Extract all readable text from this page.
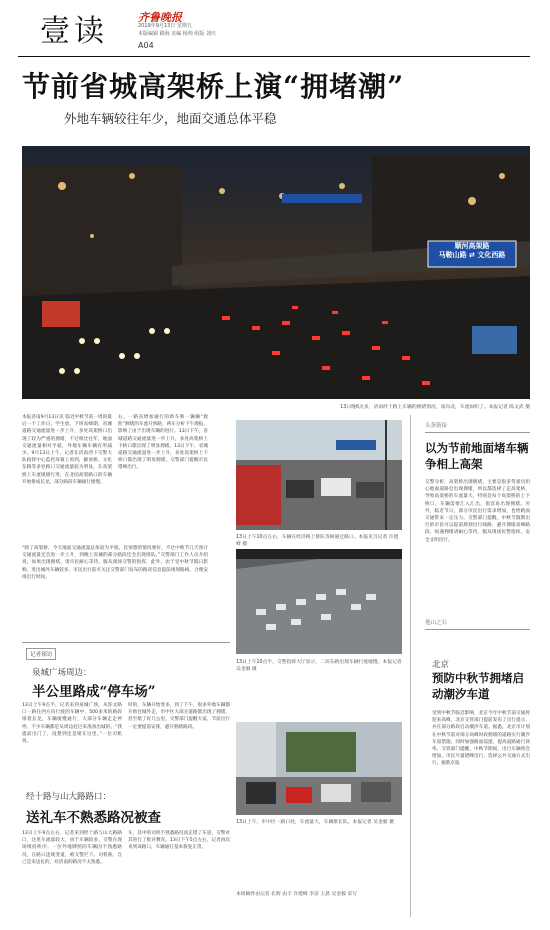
壹读	齐鲁晚报
2019年9月13日 星期五
本版编辑 路海 美编 杨帅 组版 刘庆
A04
节前省城高架桥上演“拥堵潮”
外地车辆较往年少，地面交通总体平稳
顺河高架路
马鞍山路 ⇄ 文化西路
13日晚6点多，济南经十路上车辆的拥堵情况，南向北，车流如织了。本报记者 陈文武 摄
本报济南9月13日讯 临近中秋节前一周的最后一个工作日，学生放，下班高峰期，省城道路交通流量进一步上升，多处高架桥口出现了较为严重的拥堵，不过相比往年，地面交通流量相对平稳，外地车辆车辆有所减少。9月13日上午，记者在济南西下交警大队指挥中心监控屏幕上看到，解放桥、文化东路等多处路口交通流量较为明显，在高架桥上车流缓缓行进，在北园高架路口的车辆开始排成长龙，部分路段车辆通行缓慢。
右、一路向增加通行的新车和一辆辆“救险”拥堵的车流开到路，两车分析下午理报，影响了由于出现车辆的进行。13日下午，省城道路交通流量进一步上升，多处高架桥上下桥口都出现了明显拥堵。13日下午，省城道路交通流量进一步上升，多处高架桥上下桥口都出现了明显拥堵，交警部门提醒市民错峰出行。
“除了高架桥，今天地面交通流量总体较为平稳，比预想的情况要好，不过中秋节几天预计交通流量还会进一步上升，到晚上省城的部分路段还会出现排队。”交警部门工作人员介绍说，如果出现拥堵，请市民耐心等待，服从现场交警的指挥，此外，由于受中秋节假日影响，进出城外车辆较多，市民出行前可关注交警部门发布的路况信息提前规划路线，合理安排出行时间。
13日上午10点左右，车辆在经济路上排队等候通过路口。本报见习记者 许建峰 摄
13日上午10点半，交警指挥大厅显示，二环东路出现车辆行驶缓慢。本报记者 吴金毅 摄
13日上午，市中区一路口处，车流量大，车辆排长队。本报记者 吴金毅 摄
头条链接
以为节前地面堵车辆争相上高架
交警分析，高架桥出现拥堵，主要是很多驾驶员担心地面道路会出现拥堵，所以都选择了走高架桥，导致高架桥的车流量大，特别是每个高架桥的上下桥口，车辆需要汇入汇出，很容易出现拥堵。另外，临近节日，部分市民出行需求增加，也给路面交通带来一定压力。交警部门提醒，中秋节假期出行的市民可以提前规划出行线路，避开拥堵高峰路段，如遇拥堵请耐心等待，服从现场民警指挥，安全文明出行。
他山之石
北京
预防中秋节拥堵启动潮汐车道
受到中秋节临近影响，北京今年中秋节前交通将迎来高峰，北京交管部门提前发布了出行提示，并在部分路段启动潮汐车道。据悉，北京市计划在中秋节前对部分高峰时段拥堵的道路实行潮汐车道措施，同时加强路面巡逻，提高道路通行效率。交管部门提醒，中秋节期间，出行车辆将会增加，市民尽量错峰出行，选择公共交通方式出行。据新京报
记者探访
泉城广场周边：
半公里路成“停车场”
13日上午9点半，记者来到泉城广场，从泺文路口一路往西方向行驶的车辆中，500多米的路段排着长龙，车辆缓慢通行，大部分车辆走走停停。不少车辆都是从周边赶过来准备出城的。“我提前出门了，没想到还是堵在这里。”一位司机说。
时的，车辆开始变多，到了下午，很多外地车辆都开始往城外走，市中区大部分道路都出现了拥堵，甚至堵了好几公里。交警部门提醒大家，节前出行一定要提前安排，避开拥堵路段。
经十路与山大路路口：
送礼车不熟悉路况被查
13日上午9点左右，记者来到经十路与山大路路口，这里车流量较大，由于车辆较多，交警在现场维持秩序。一位外地牌照的车辆因不熟悉路况，在路口违规变道，被交警拦下。司机称，自己是来送礼的，对济南的路况不太熟悉。
车，其中的司机不熟悉路况而走错了车道，交警对其进行了批评教育。13日下午5点左右，记者再次来到该路口，车辆通行基本恢复正常。
本组稿件由记者 孔辉 由丰 许建峰 李彦 王晨 吴金毅 采写
